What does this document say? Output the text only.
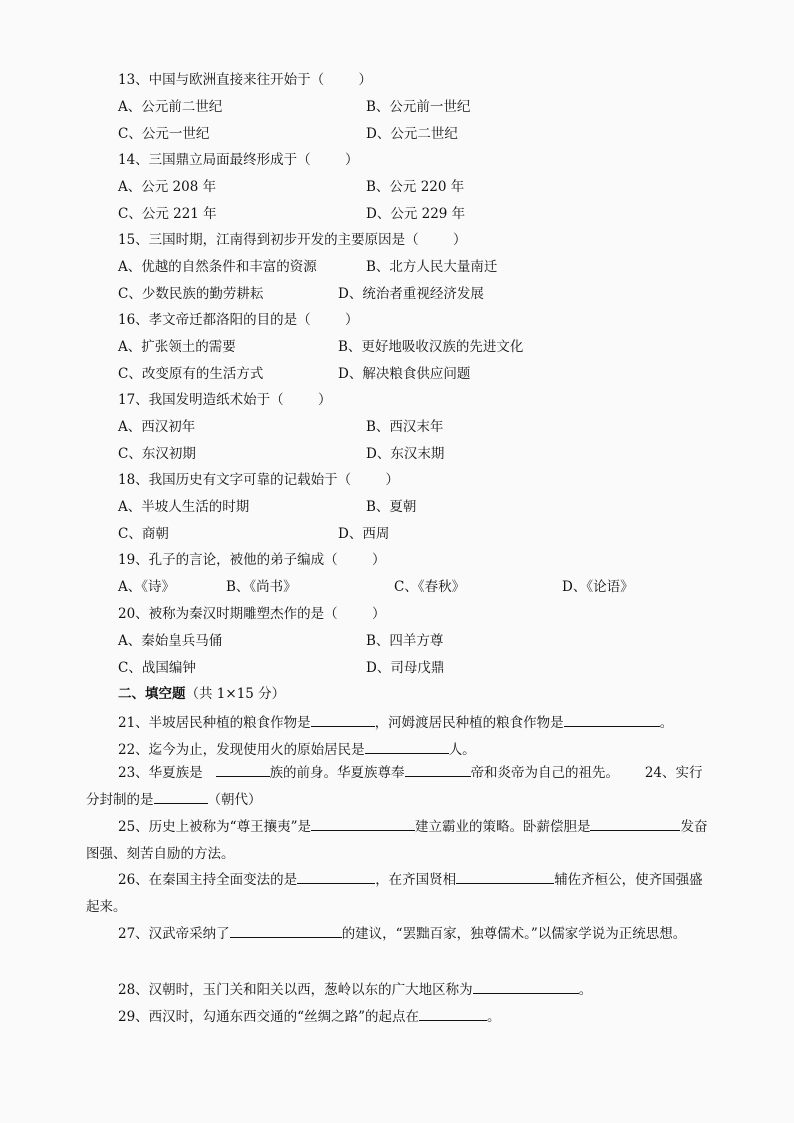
13、中国与欧洲直接来往开始于（        ）
A、公元前二世纪	B、公元前一世纪
C、公元一世纪	D、公元二世纪
14、三国鼎立局面最终形成于（        ）
A、公元 208 年	B、公元 220 年
C、公元 221 年	D、公元 229 年
15、三国时期，江南得到初步开发的主要原因是（        ）
A、优越的自然条件和丰富的资源	B、北方人民大量南迁
C、少数民族的勤劳耕耘	D、统治者重视经济发展
16、孝文帝迁都洛阳的目的是（        ）
A、扩张领土的需要	B、更好地吸收汉族的先进文化
C、改变原有的生活方式	D、解决粮食供应问题
17、我国发明造纸术始于（        ）
A、西汉初年	B、西汉末年
C、东汉初期	D、东汉末期
18、我国历史有文字可靠的记载始于（        ）
A、半坡人生活的时期	B、夏朝
C、商朝	D、西周
19、孔子的言论，被他的弟子编成（        ）
A、《诗》	B、《尚书》	C、《春秋》	D、《论语》
20、被称为秦汉时期雕塑杰作的是（        ）
A、秦始皇兵马俑	B、四羊方尊
C、战国编钟	D、司母戊鼎
二、填空题（共 1×15 分）
21、半坡居民种植的粮食作物是	，河姆渡居民种植的粮食作物是	。
22、迄今为止，发现使用火的原始居民是	人。
23、华夏族是	族的前身。华夏族尊奉	帝和炎帝为自己的祖先。 24、实行分封制的是	（朝代）
25、历史上被称为“尊王攘夷”是	建立霸业的策略。卧薪偿胆是	发奋图强、刻苦自励的方法。
26、在秦国主持全面变法的是	，在齐国贤相	辅佐齐桓公，使齐国强盛起来。
27、汉武帝采纳了	的建议，“罢黜百家，独尊儒术。”以儒家学说为正统思想。
28、汉朝时，玉门关和阳关以西，葱岭以东的广大地区称为	。
29、西汉时，勾通东西交通的“丝绸之路”的起点在	。
